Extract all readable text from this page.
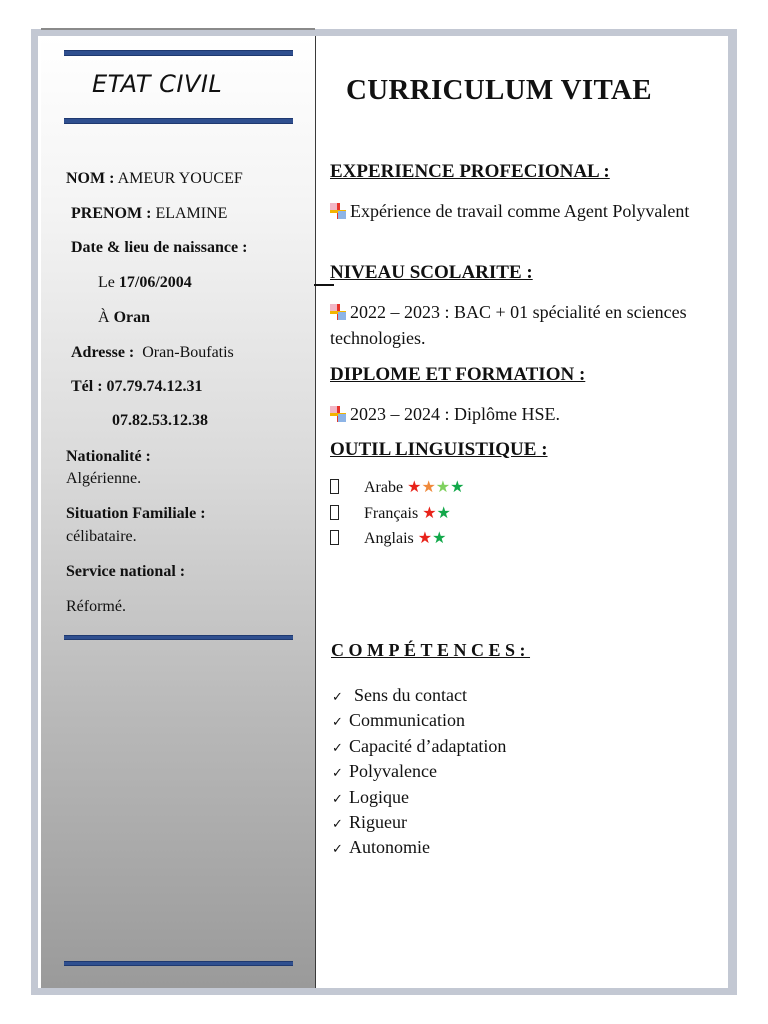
ETAT CIVIL
NOM : AMEUR YOUCEF
PRENOM : ELAMINE
Date & lieu de naissance :
Le 17/06/2004
À Oran
Adresse : Oran-Boufatis
Tél : 07.79.74.12.31
07.82.53.12.38
Nationalité :
Algérienne.
Situation Familiale :
célibataire.
Service national :
Réformé.
CURRICULUM VITAE
EXPERIENCE PROFECIONAL :
Expérience de travail comme Agent Polyvalent
NIVEAU SCOLARITE :
2022 – 2023 : BAC + 01 spécialité en sciences technologies.
DIPLOME ET FORMATION :
2023 – 2024 : Diplôme HSE.
OUTIL LINGUISTIQUE :
Arabe ★★★★
Français ★★
Anglais ★★
COMPÉTENCES:
✓ Sens du contact
✓ Communication
✓ Capacité d’adaptation
✓ Polyvalence
✓ Logique
✓ Rigueur
✓ Autonomie
